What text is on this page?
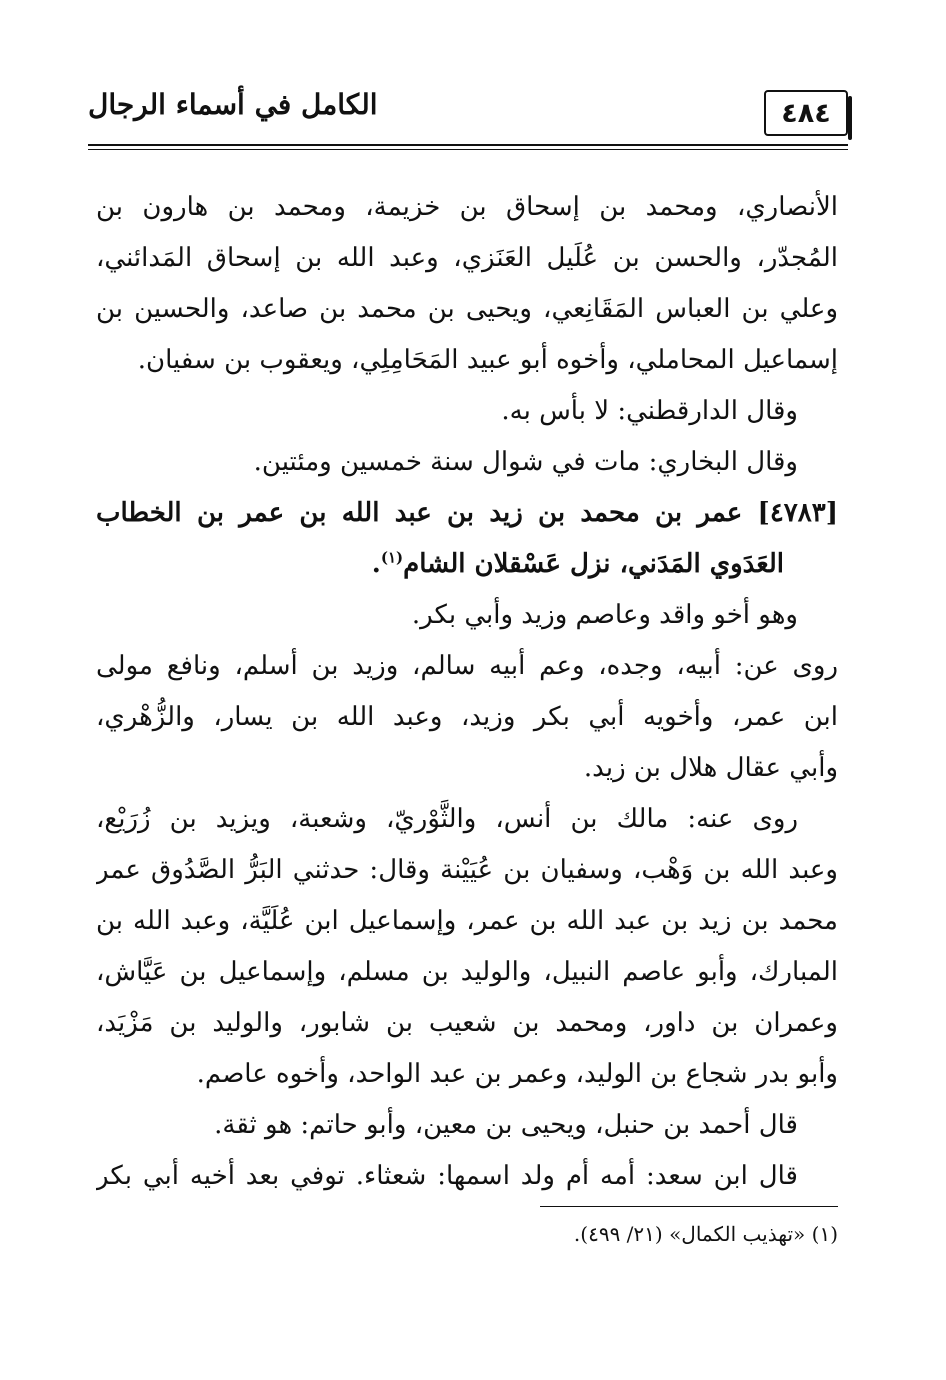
الكامل في أسماء الرجال	٤٨٤
الأنصاري، ومحمد بن إسحاق بن خزيمة، ومحمد بن هارون بن
المُجدّر، والحسن بن عُلَيل العَنَزي، وعبد الله بن إسحاق المَدائني،
وعلي بن العباس المَقَانِعي، ويحيى بن محمد بن صاعد، والحسين بن
إسماعيل المحاملي، وأخوه أبو عبيد المَحَامِلِي، ويعقوب بن سفيان.
وقال الدارقطني: لا بأس به.
وقال البخاري: مات في شوال سنة خمسين ومئتين.
[٤٧٨٣] عمر بن محمد بن زيد بن عبد الله بن عمر بن الخطاب
العَدَوي المَدَني، نزل عَسْقلان الشام$^{(١)}$.
وهو أخو واقد وعاصم وزيد وأبي بكر.
روى عن: أبيه، وجده، وعم أبيه سالم، وزيد بن أسلم، ونافع مولى
ابن عمر، وأخويه أبي بكر وزيد، وعبد الله بن يسار، والزُّهْري،
وأبي عقال هلال بن زيد.
روى عنه: مالك بن أنس، والثَّوْريّ، وشعبة، ويزيد بن زُرَيْع،
وعبد الله بن وَهْب، وسفيان بن عُيَيْنة وقال: حدثني البَرُّ الصَّدُوق عمر
محمد بن زيد بن عبد الله بن عمر، وإسماعيل ابن عُلَيَّة، وعبد الله بن
المبارك، وأبو عاصم النبيل، والوليد بن مسلم، وإسماعيل بن عَيَّاش،
وعمران بن داور، ومحمد بن شعيب بن شابور، والوليد بن مَزْيَد،
وأبو بدر شجاع بن الوليد، وعمر بن عبد الواحد، وأخوه عاصم.
قال أحمد بن حنبل، ويحيى بن معين، وأبو حاتم: هو ثقة.
قال ابن سعد: أمه أم ولد اسمها: شعثاء. توفي بعد أخيه أبي بكر
(١) «تهذيب الكمال» (٢١/ ٤٩٩).
